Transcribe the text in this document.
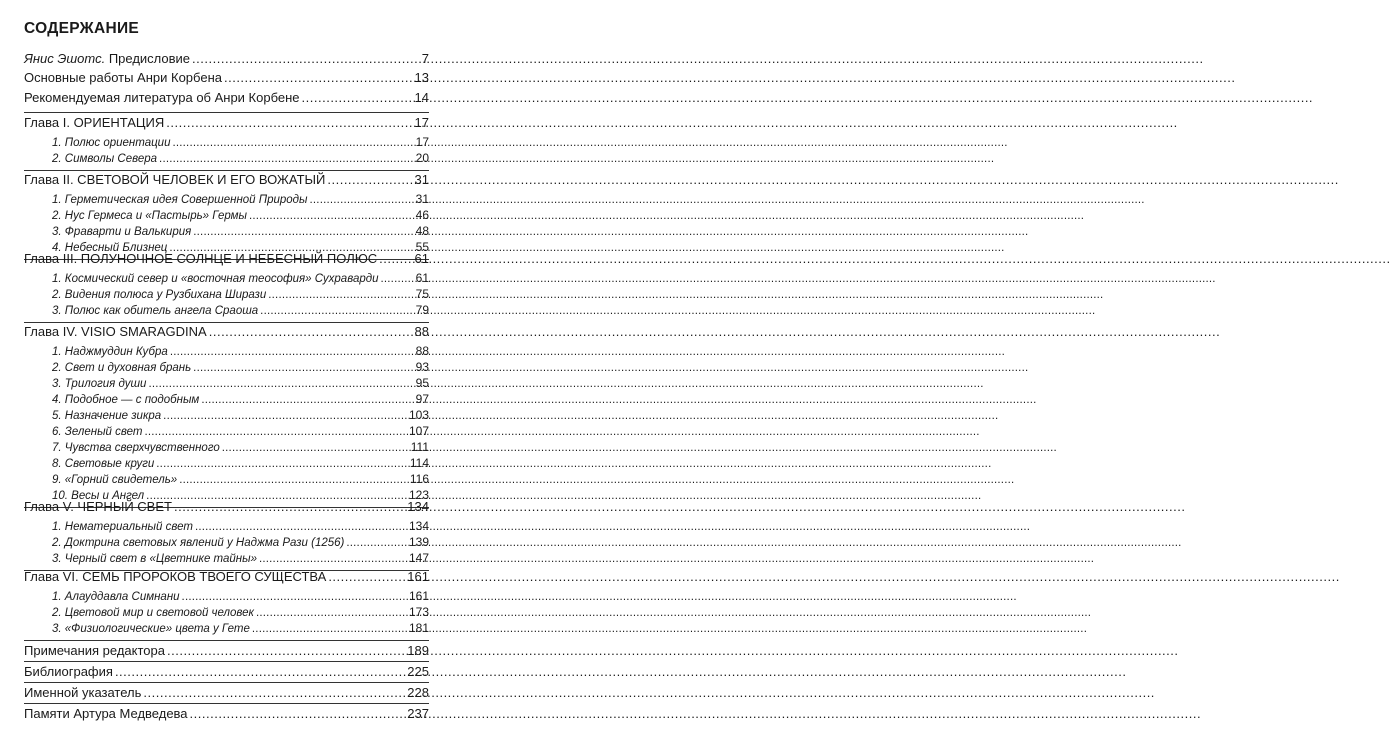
СОДЕРЖАНИЕ
Янис Эшотс. Предисловие .....	7
Основные работы Анри Корбена .....	13
Рекомендуемая литература об Анри Корбене .....	14
Глава I. ОРИЕНТАЦИЯ .....	17
1. Полюс ориентации .....	17
2. Символы Севера .....	20
Глава II. СВЕТОВОЙ ЧЕЛОВЕК И ЕГО ВОЖАТЫЙ .....	31
1. Герметическая идея Совершенной Природы .....	31
2. Нус Гермеса и «Пастырь» Гермы .....	46
3. Фраварти и Валькирия .....	48
4. Небесный Близнец .....	55
Глава III. ПОЛУНОЧНОЕ СОЛНЦЕ И НЕБЕСНЫЙ ПОЛЮС .....	61
1. Космический север и «восточная теософия» Сухраварди .....	61
2. Видения полюса у Рузбихана Ширази .....	75
3. Полюс как обитель ангела Сраоша .....	79
Глава IV. VISIO SMARAGDINA .....	88
1. Наджмуддин Кубра .....	88
2. Свет и духовная брань .....	93
3. Трилогия души .....	95
4. Подобное — с подобным .....	97
5. Назначение зикра .....	103
6. Зеленый свет .....	107
7. Чувства сверхчувственного .....	111
8. Световые круги .....	114
9. «Горний свидетель» .....	116
10. Весы и Ангел .....	123
Глава V. ЧЕРНЫЙ СВЕТ .....	134
1. Нематериальный свет .....	134
2. Доктрина световых явлений у Наджма Рази (1256) .....	139
3. Черный свет в «Цветнике тайны» .....	147
Глава VI. СЕМЬ ПРОРОКОВ ТВОЕГО СУЩЕСТВА .....	161
1. Алауддавла Симнани .....	161
2. Цветовой мир и световой человек .....	173
3. «Физиологические» цвета у Гете .....	181
Примечания редактора .....	189
Библиография .....	225
Именной указатель .....	228
Памяти Артура Медведева .....	237
